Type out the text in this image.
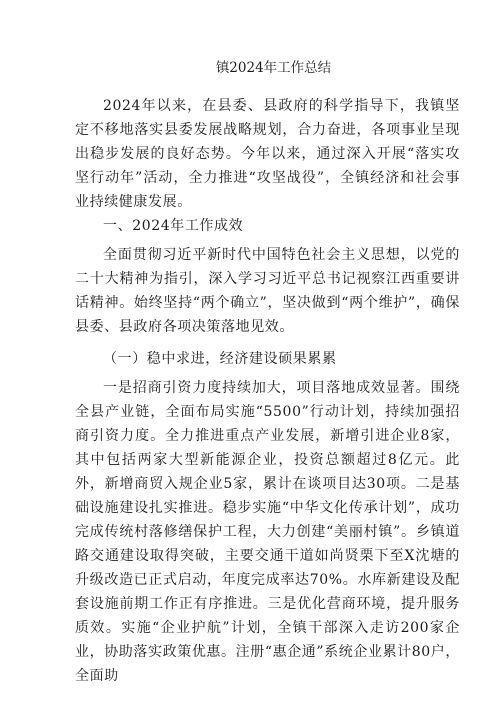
镇2024年工作总结

2024年以来，在县委、县政府的科学指导下，我镇坚定不移地落实县委发展战略规划，合力奋进，各项事业呈现出稳步发展的良好态势。今年以来，通过深入开展“落实攻坚行动年”活动，全力推进“攻坚战役”，全镇经济和社会事业持续健康发展。

一、2024年工作成效

全面贯彻习近平新时代中国特色社会主义思想，以党的二十大精神为指引，深入学习习近平总书记视察江西重要讲话精神。始终坚持“两个确立”，坚决做到“两个维护”，确保县委、县政府各项决策落地见效。

（一）稳中求进，经济建设硕果累累

一是招商引资力度持续加大，项目落地成效显著。围绕全县产业链，全面布局实施“5500”行动计划，持续加强招商引资力度。全力推进重点产业发展，新增引进企业8家，其中包括两家大型新能源企业，投资总额超过8亿元。此外，新增商贸入规企业5家，累计在谈项目达30项。二是基础设施建设扎实推进。稳步实施“中华文化传承计划”，成功完成传统村落修缮保护工程，大力创建“美丽村镇”。乡镇道路交通建设取得突破，主要交通干道如尚贤栗下至X沈塘的升级改造已正式启动，年度完成率达70%。水库新建设及配套设施前期工作正有序推进。三是优化营商环境，提升服务质效。实施“企业护航”计划，全镇干部深入走访200家企业，协助落实政策优惠。注册“惠企通”系统企业累计80户，全面助
